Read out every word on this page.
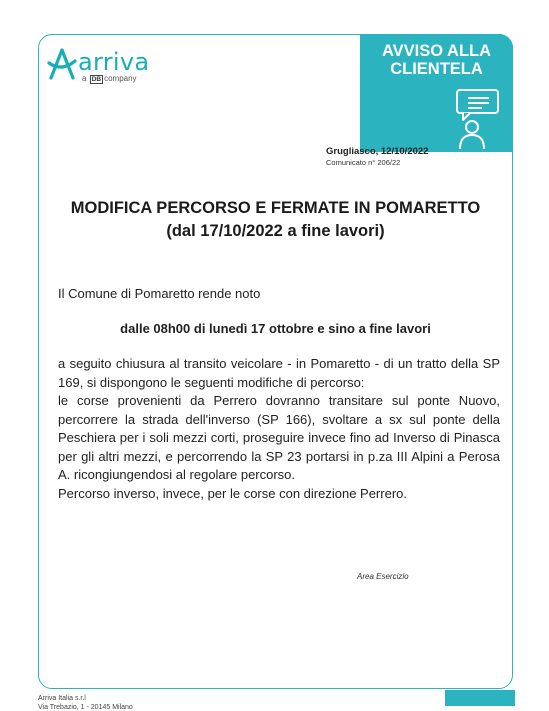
arriva
a DB company
AVVISO ALLA
CLIENTELA
Grugliasco, 12/10/2022
Comunicato n° 206/22
MODIFICA PERCORSO E FERMATE IN POMARETTO
(dal 17/10/2022 a fine lavori)
Il Comune di Pomaretto rende noto
dalle 08h00 di lunedì 17 ottobre e sino a fine lavori

a seguito chiusura al transito veicolare - in Pomaretto - di un tratto della SP 169, si dispongono le seguenti modifiche di percorso:

le corse provenienti da Perrero dovranno transitare sul ponte Nuovo, percorrere la strada dell'inverso (SP 166), svoltare a sx sul ponte della Peschiera per i soli mezzi corti, proseguire invece fino ad Inverso di Pinasca per gli altri mezzi, e percorrendo la SP 23 portarsi in p.za III Alpini a Perosa A. ricongiungendosi al regolare percorso.

Percorso inverso, invece, per le corse con direzione Perrero.

Area Esercizio
Arriva Italia s.r.l
Via Trebazio, 1 - 20145 Milano
